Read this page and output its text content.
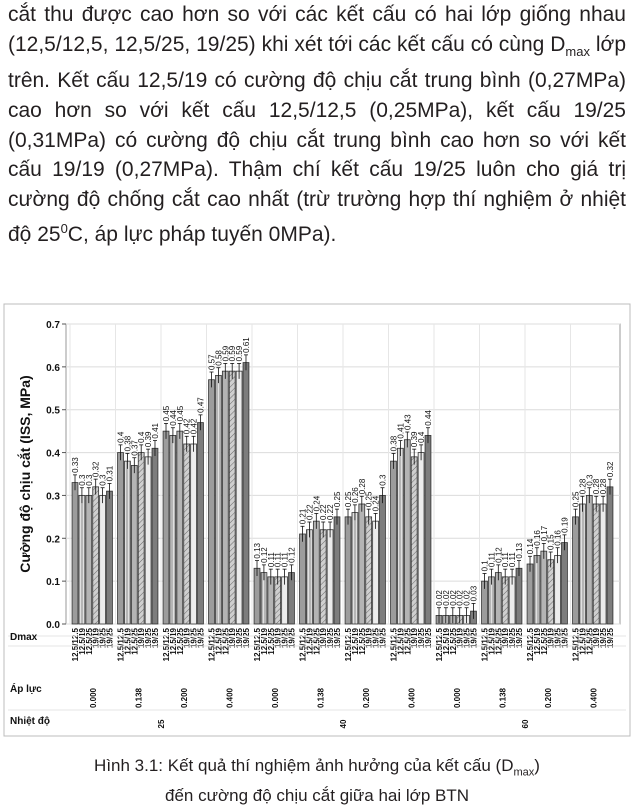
cắt thu được cao hơn so với các kết cấu có hai lớp giống nhau (12,5/12,5, 12,5/25, 19/25) khi xét tới các kết cấu có cùng $D_{max}$ lớp trên. Kết cấu 12,5/19 có cường độ chịu cắt trung bình (0,27MPa) cao hơn so với kết cấu 12,5/12,5 (0,25MPa), kết cấu 19/25 (0,31MPa) có cường độ chịu cắt trung bình cao hơn so với kết cấu 19/19 (0,27MPa). Thậm chí kết cấu 19/25 luôn cho giá trị cường độ chống cắt cao nhất (trừ trường hợp thí nghiệm ở nhiệt độ $25^0C$, áp lực pháp tuyến 0MPa).

0.33
0.3
0.3
0.32
0.3
0.31
0.4
0.38
0.37
0.4
0.39
0.41
0.45
0.44
0.45
0.42
0.42
0.47
0.57
0.58
0.59
0.59
0.59
0.61
0.13
0.12
0.11
0.11
0.11
0.12
0.21
0.22
0.24
0.22
0.22
0.25 0.25
0.26
0.28
0.25
0.24
0.3
0.38
0.41
0.43
0.39
0.4
0.44
0.02
0.02
0.02
0.02
0.02
0.03
0.1
0.11
0.12
0.11
0.11
0.13 0.14
0.16
0.17
0.15
0.16
0.19
0.25
0.28
0.3
0.28
0.28
0.32
0.0
0.1
0.2
0.3
0.4
0.5
0.6
0.7
12.5/12.5
12.5/19
12.5/25
19/19
19/25
19/25
0.000
12.5/12.5
12.5/19
12.5/25
19/19
19/25
19/25
0.138
12.5/12.5
12.5/19
12.5/25
19/19
19/25
19/25
0.200
12.5/12.5
12.5/19
12.5/25
19/19
19/25
19/25
0.400
12.5/12.5
12.5/19
12.5/25
19/19
19/25
19/25
0.000
12.5/12.5
12.5/19
12.5/25
19/19
19/25
19/25
0.138
12.5/12.5
12.5/19
12.5/25
19/19
19/25
19/25
0.200
12.5/12.5
12.5/19
12.5/25
19/19
19/25
19/25
0.400
12.5/12.5
12.5/19
12.5/25
19/19
19/25
19/25
0.000
12.5/12.5
12.5/19
12.5/25
19/19
19/25
19/25
0.138
12.5/12.5
12.5/19
12.5/25
19/19
19/25
19/25
0.200
12.5/12.5
12.5/19
12.5/25
19/19
19/25
19/25
0.400
25	40	60
Cường độ chịu cắt (ISS, MPa)
Dmax
Áp lực
Nhiệt độ
Hình 3.1: Kết quả thí nghiệm ảnh hưởng của kết cấu $(D_{max})$
đến cường độ chịu cắt giữa hai lớp BTN
